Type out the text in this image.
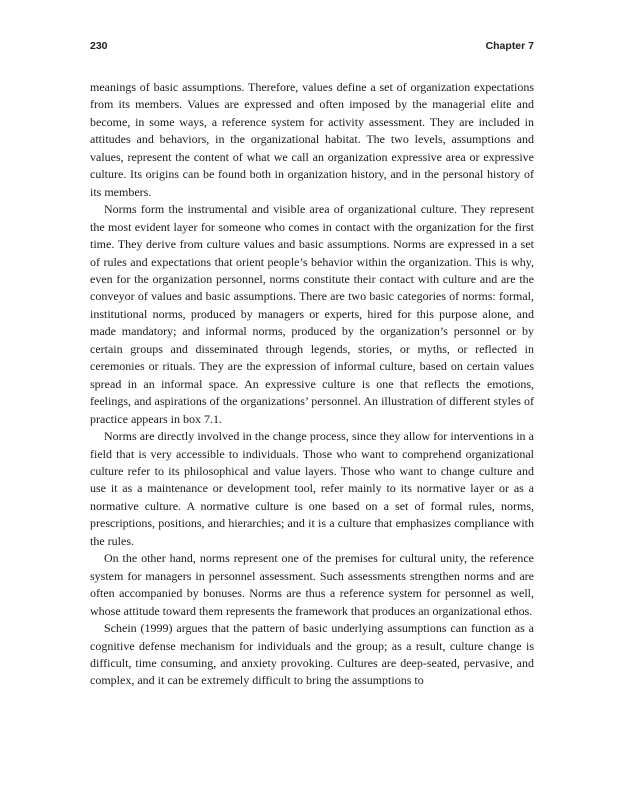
230	Chapter 7

meanings of basic assumptions. Therefore, values define a set of organization expectations from its members. Values are expressed and often imposed by the managerial elite and become, in some ways, a reference system for activity assessment. They are included in attitudes and behaviors, in the organizational habitat. The two levels, assumptions and values, represent the content of what we call an organization expressive area or expressive culture. Its origins can be found both in organization history, and in the personal history of its members.

Norms form the instrumental and visible area of organizational culture. They represent the most evident layer for someone who comes in contact with the organization for the first time. They derive from culture values and basic assumptions. Norms are expressed in a set of rules and expectations that orient people’s behavior within the organization. This is why, even for the organization personnel, norms constitute their contact with culture and are the conveyor of values and basic assumptions. There are two basic categories of norms: formal, institutional norms, produced by managers or experts, hired for this purpose alone, and made mandatory; and informal norms, produced by the organization’s personnel or by certain groups and disseminated through legends, stories, or myths, or reflected in ceremonies or rituals. They are the expression of informal culture, based on certain values spread in an informal space. An expressive culture is one that reflects the emotions, feelings, and aspirations of the organizations’ personnel. An illustration of different styles of practice appears in box 7.1.

Norms are directly involved in the change process, since they allow for interventions in a field that is very accessible to individuals. Those who want to comprehend organizational culture refer to its philosophical and value layers. Those who want to change culture and use it as a maintenance or development tool, refer mainly to its normative layer or as a normative culture. A normative culture is one based on a set of formal rules, norms, prescriptions, positions, and hierarchies; and it is a culture that emphasizes compliance with the rules.

On the other hand, norms represent one of the premises for cultural unity, the reference system for managers in personnel assessment. Such assessments strengthen norms and are often accompanied by bonuses. Norms are thus a reference system for personnel as well, whose attitude toward them represents the framework that produces an organizational ethos.

Schein (1999) argues that the pattern of basic underlying assumptions can function as a cognitive defense mechanism for individuals and the group; as a result, culture change is difficult, time consuming, and anxiety provoking. Cultures are deep-seated, pervasive, and complex, and it can be extremely difficult to bring the assumptions to
